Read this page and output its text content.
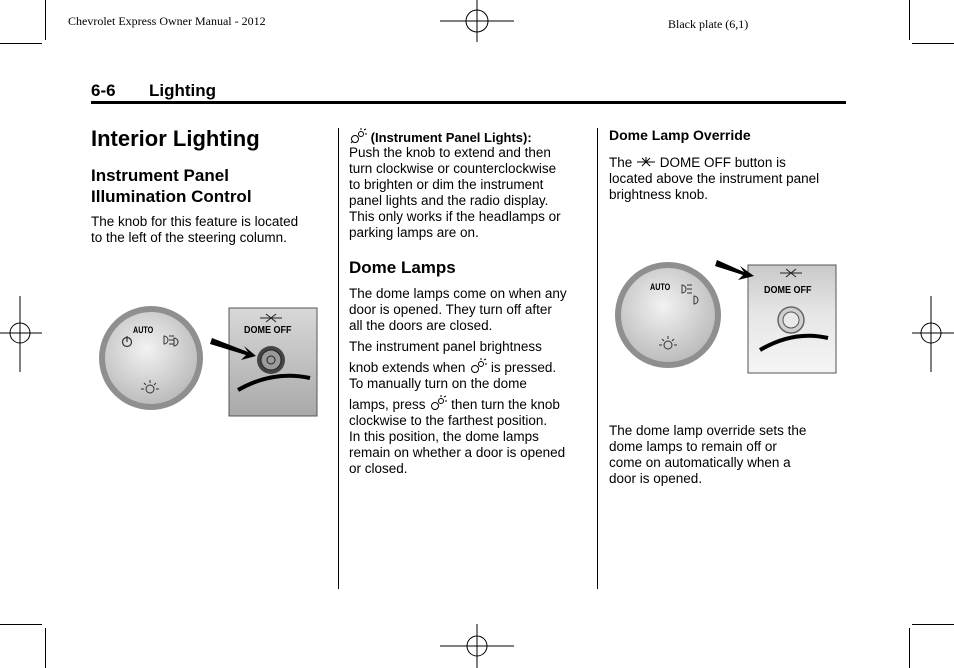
Chevrolet Express Owner Manual - 2012	Black plate (6,1)
6-6 Lighting
Interior Lighting
Instrument Panel
Illumination Control
The knob for this feature is located
to the left of the steering column.
AUTO	DOME OFF
(Instrument Panel Lights):
Push the knob to extend and then
turn clockwise or counterclockwise
to brighten or dim the instrument
panel lights and the radio display.
This only works if the headlamps or
parking lamps are on.
Dome Lamps
The dome lamps come on when any
door is opened. They turn off after
all the doors are closed.
The instrument panel brightness
knob extends when is pressed.
To manually turn on the dome
lamps, press then turn the knob
clockwise to the farthest position.
In this position, the dome lamps
remain on whether a door is opened
or closed.
Dome Lamp Override
The DOME OFF button is
located above the instrument panel
brightness knob.
AUTO	DOME OFF
The dome lamp override sets the
dome lamps to remain off or
come on automatically when a
door is opened.
